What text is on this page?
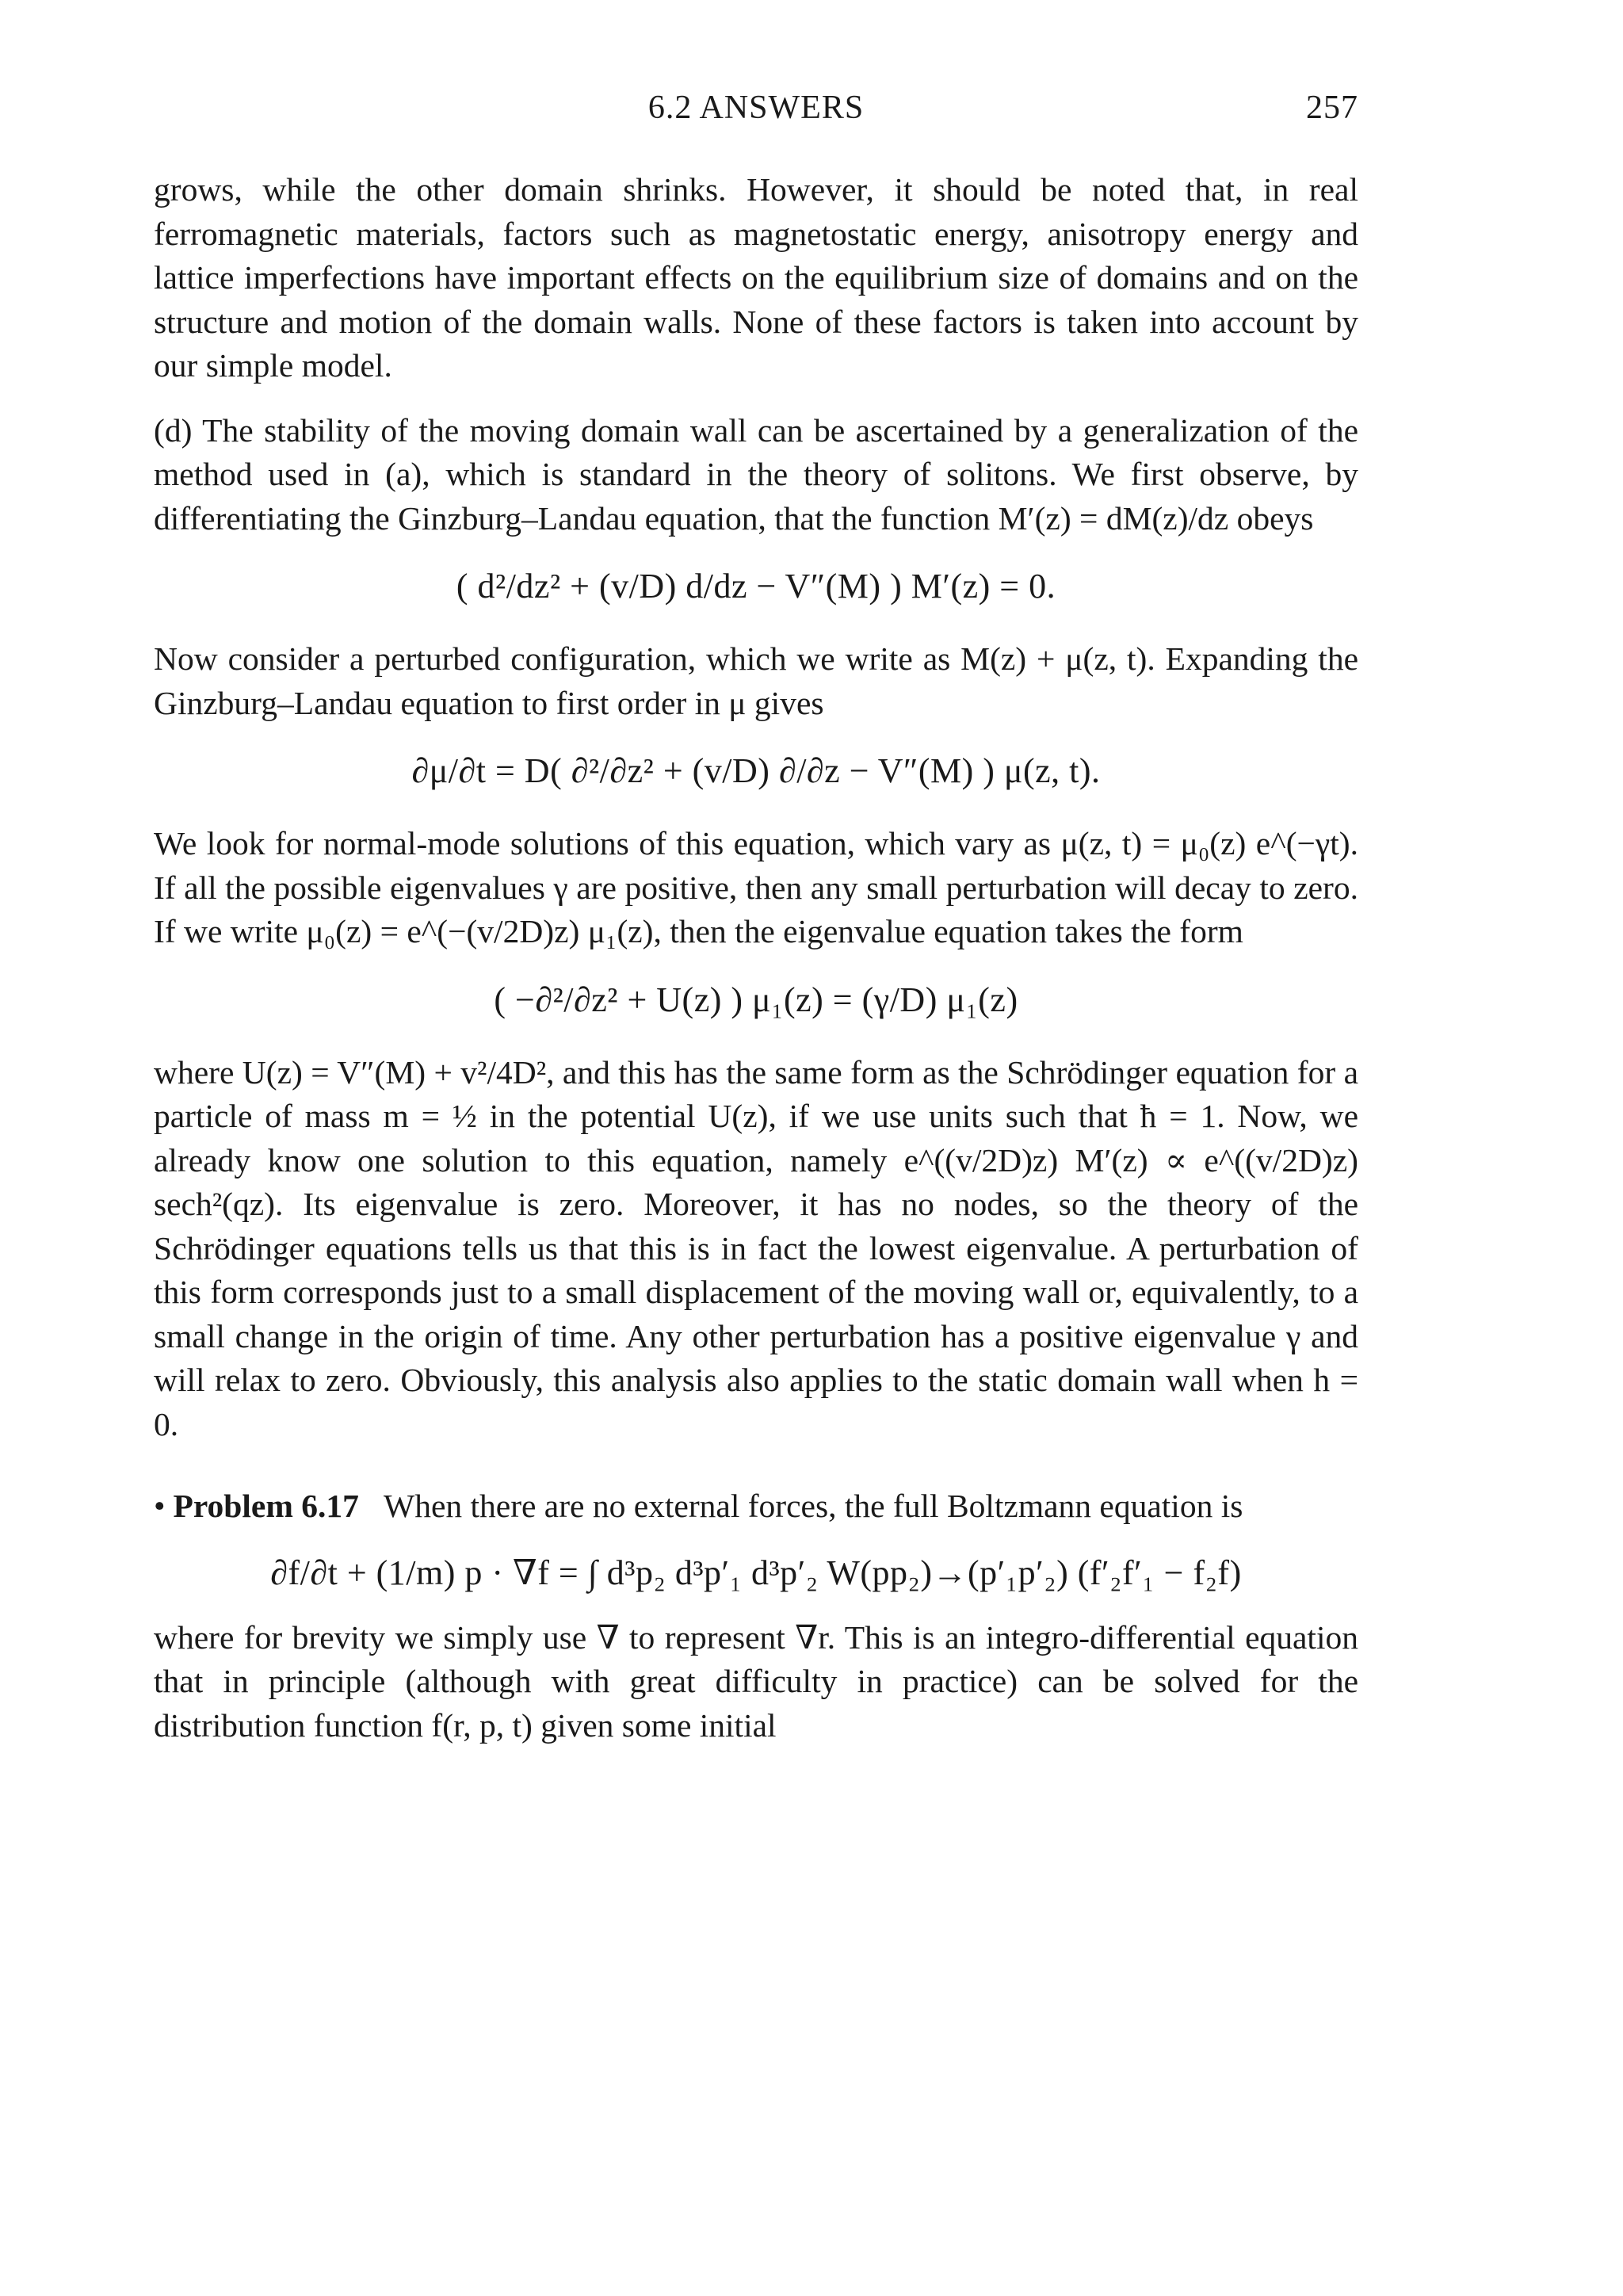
6.2 ANSWERS	257

grows, while the other domain shrinks. However, it should be noted that, in real ferromagnetic materials, factors such as magnetostatic energy, anisotropy energy and lattice imperfections have important effects on the equilibrium size of domains and on the structure and motion of the domain walls. None of these factors is taken into account by our simple model.

(d) The stability of the moving domain wall can be ascertained by a generalization of the method used in (a), which is standard in the theory of solitons. We first observe, by differentiating the Ginzburg–Landau equation, that the function M′(z) = dM(z)/dz obeys

( d²/dz² + (v/D) d/dz − V″(M) ) M′(z) = 0.

Now consider a perturbed configuration, which we write as M(z) + μ(z, t). Expanding the Ginzburg–Landau equation to first order in μ gives

∂μ/∂t = D( ∂²/∂z² + (v/D) ∂/∂z − V″(M) ) μ(z, t).

We look for normal-mode solutions of this equation, which vary as μ(z, t) = μ₀(z) e^(−γt). If all the possible eigenvalues γ are positive, then any small perturbation will decay to zero. If we write μ₀(z) = e^(−(v/2D)z) μ₁(z), then the eigenvalue equation takes the form

( −∂²/∂z² + U(z) ) μ₁(z) = (γ/D) μ₁(z)

where U(z) = V″(M) + v²/4D², and this has the same form as the Schrödinger equation for a particle of mass m = ½ in the potential U(z), if we use units such that ħ = 1. Now, we already know one solution to this equation, namely e^((v/2D)z) M′(z) ∝ e^((v/2D)z) sech²(qz). Its eigenvalue is zero. Moreover, it has no nodes, so the theory of the Schrödinger equations tells us that this is in fact the lowest eigenvalue. A perturbation of this form corresponds just to a small displacement of the moving wall or, equivalently, to a small change in the origin of time. Any other perturbation has a positive eigenvalue γ and will relax to zero. Obviously, this analysis also applies to the static domain wall when h = 0.

• Problem 6.17 When there are no external forces, the full Boltzmann equation is

∂f/∂t + (1/m) p · ∇f = ∫ d³p₂ d³p′₁ d³p′₂ W(pp₂)→(p′₁p′₂) (f′₂f′₁ − f₂f)

where for brevity we simply use ∇ to represent ∇r. This is an integro-differential equation that in principle (although with great difficulty in practice) can be solved for the distribution function f(r, p, t) given some initial
